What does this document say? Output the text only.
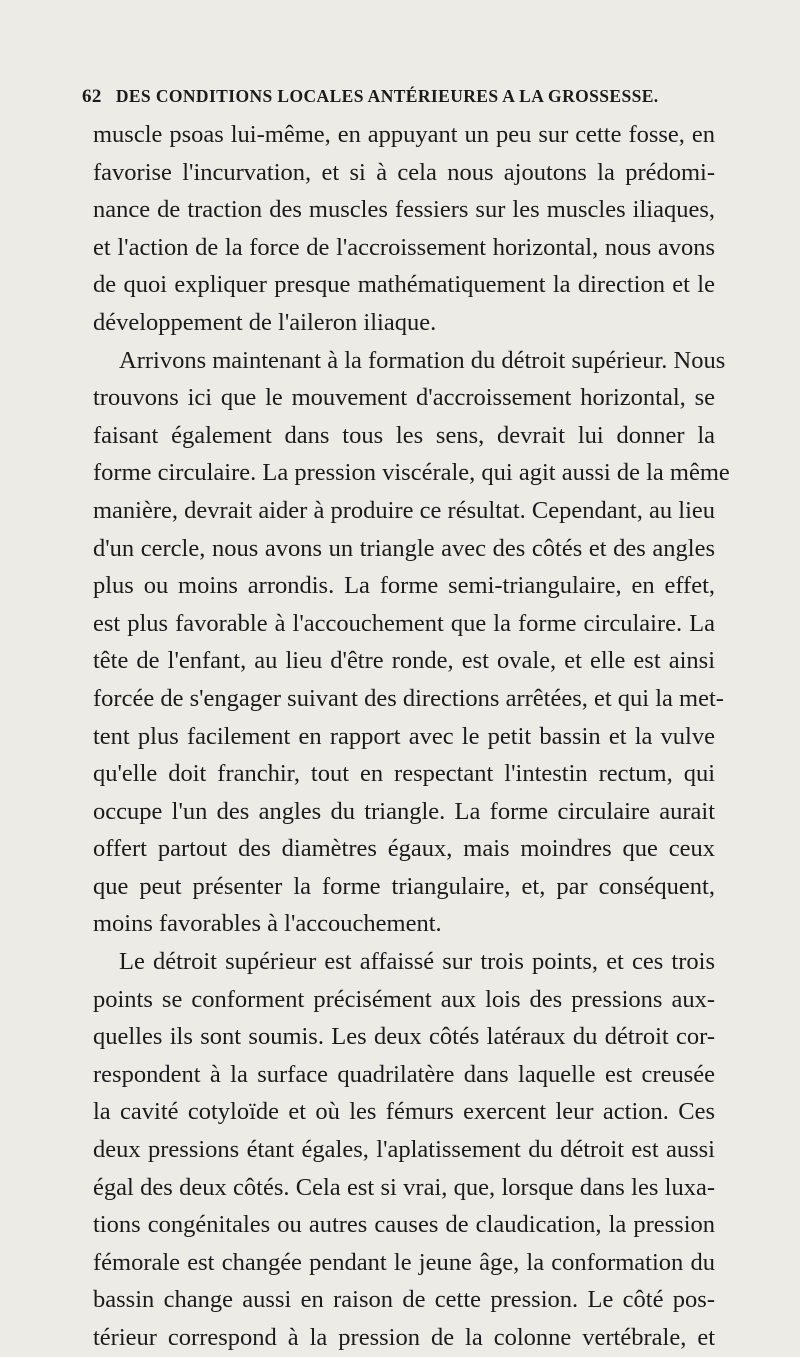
62 DES CONDITIONS LOCALES ANTÉRIEURES A LA GROSSESSE.
muscle psoas lui-même, en appuyant un peu sur cette fosse, en
favorise l'incurvation, et si à cela nous ajoutons la prédomi-
nance de traction des muscles fessiers sur les muscles iliaques,
et l'action de la force de l'accroissement horizontal, nous avons
de quoi expliquer presque mathématiquement la direction et le
développement de l'aileron iliaque.
Arrivons maintenant à la formation du détroit supérieur. Nous
trouvons ici que le mouvement d'accroissement horizontal, se
faisant également dans tous les sens, devrait lui donner la
forme circulaire. La pression viscérale, qui agit aussi de la même
manière, devrait aider à produire ce résultat. Cependant, au lieu
d'un cercle, nous avons un triangle avec des côtés et des angles
plus ou moins arrondis. La forme semi-triangulaire, en effet,
est plus favorable à l'accouchement que la forme circulaire. La
tête de l'enfant, au lieu d'être ronde, est ovale, et elle est ainsi
forcée de s'engager suivant des directions arrêtées, et qui la met-
tent plus facilement en rapport avec le petit bassin et la vulve
qu'elle doit franchir, tout en respectant l'intestin rectum, qui
occupe l'un des angles du triangle. La forme circulaire aurait
offert partout des diamètres égaux, mais moindres que ceux
que peut présenter la forme triangulaire, et, par conséquent,
moins favorables à l'accouchement.
Le détroit supérieur est affaissé sur trois points, et ces trois
points se conforment précisément aux lois des pressions aux-
quelles ils sont soumis. Les deux côtés latéraux du détroit cor-
respondent à la surface quadrilatère dans laquelle est creusée
la cavité cotyloïde et où les fémurs exercent leur action. Ces
deux pressions étant égales, l'aplatissement du détroit est aussi
égal des deux côtés. Cela est si vrai, que, lorsque dans les luxa-
tions congénitales ou autres causes de claudication, la pression
fémorale est changée pendant le jeune âge, la conformation du
bassin change aussi en raison de cette pression. Le côté pos-
térieur correspond à la pression de la colonne vertébrale, et
